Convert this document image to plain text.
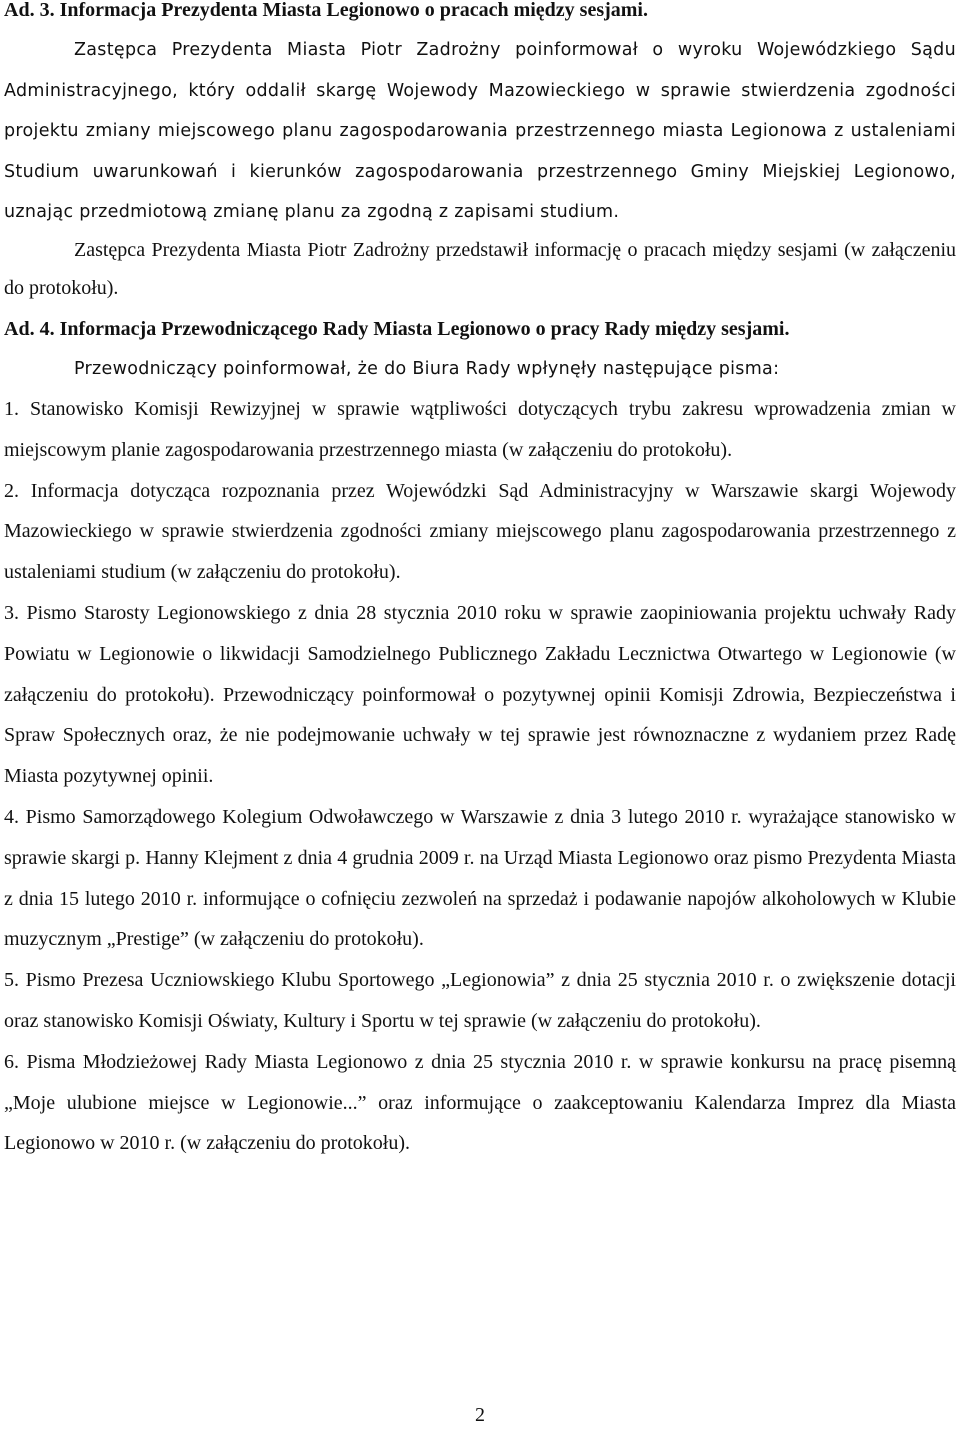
Ad. 3. Informacja Prezydenta Miasta Legionowo o pracach między sesjami.

Zastępca Prezydenta Miasta Piotr Zadrożny poinformował o wyroku Wojewódzkiego Sądu Administracyjnego, który oddalił skargę Wojewody Mazowieckiego w sprawie stwierdzenia zgodności projektu zmiany miejscowego planu zagospodarowania przestrzennego miasta Legionowa z ustaleniami Studium uwarunkowań i kierunków zagospodarowania przestrzennego Gminy Miejskiej Legionowo, uznając przedmiotową zmianę planu za zgodną z zapisami studium.

Zastępca Prezydenta Miasta Piotr Zadrożny przedstawił informację o pracach między sesjami (w załączeniu do protokołu).

Ad. 4. Informacja Przewodniczącego Rady Miasta Legionowo o pracy Rady między sesjami.

Przewodniczący poinformował, że do Biura Rady wpłynęły następujące pisma:

1. Stanowisko Komisji Rewizyjnej w sprawie wątpliwości dotyczących trybu zakresu wprowadzenia zmian w miejscowym planie zagospodarowania przestrzennego miasta (w załączeniu do protokołu).

2. Informacja dotycząca rozpoznania przez Wojewódzki Sąd Administracyjny w Warszawie skargi Wojewody Mazowieckiego w sprawie stwierdzenia zgodności zmiany miejscowego planu zagospodarowania przestrzennego z ustaleniami studium (w załączeniu do protokołu).

3. Pismo Starosty Legionowskiego z dnia 28 stycznia 2010 roku w sprawie zaopiniowania projektu uchwały Rady Powiatu w Legionowie o likwidacji Samodzielnego Publicznego Zakładu Lecznictwa Otwartego w Legionowie (w załączeniu do protokołu). Przewodniczący poinformował o pozytywnej opinii Komisji Zdrowia, Bezpieczeństwa i Spraw Społecznych oraz, że nie podejmowanie uchwały w tej sprawie jest równoznaczne z wydaniem przez Radę Miasta pozytywnej opinii.

4. Pismo Samorządowego Kolegium Odwoławczego w Warszawie z dnia 3 lutego 2010 r. wyrażające stanowisko w sprawie skargi p. Hanny Klejment z dnia 4 grudnia 2009 r. na Urząd Miasta Legionowo oraz pismo Prezydenta Miasta z dnia 15 lutego 2010 r. informujące o cofnięciu zezwoleń na sprzedaż i podawanie napojów alkoholowych w Klubie muzycznym „Prestige” (w załączeniu do protokołu).

5. Pismo Prezesa Uczniowskiego Klubu Sportowego „Legionowia” z dnia 25 stycznia 2010 r. o zwiększenie dotacji oraz stanowisko Komisji Oświaty, Kultury i Sportu w tej sprawie (w załączeniu do protokołu).

6. Pisma Młodzieżowej Rady Miasta Legionowo z dnia 25 stycznia 2010 r. w sprawie konkursu na pracę pisemną „Moje ulubione miejsce w Legionowie...” oraz informujące o zaakceptowaniu Kalendarza Imprez dla Miasta Legionowo w 2010 r. (w załączeniu do protokołu).

2
